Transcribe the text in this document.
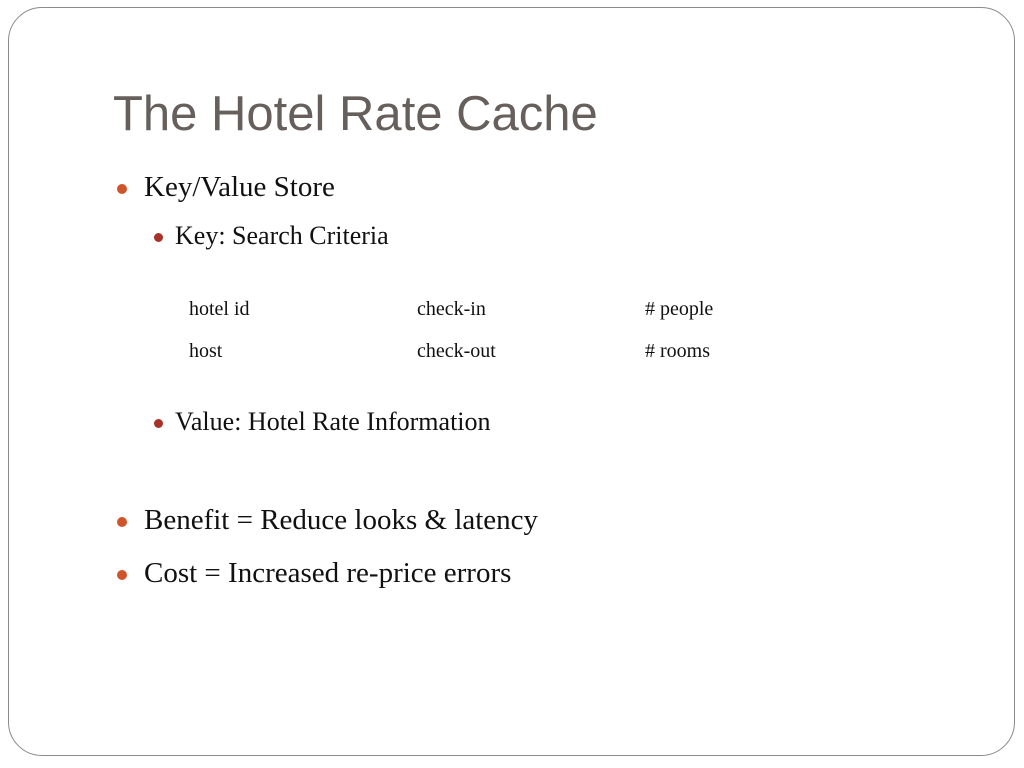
The Hotel Rate Cache
Key/Value Store
Key: Search Criteria
hotel id	check-in	# people
host	check-out	# rooms
Value: Hotel Rate Information
Benefit = Reduce looks & latency
Cost = Increased re-price errors
